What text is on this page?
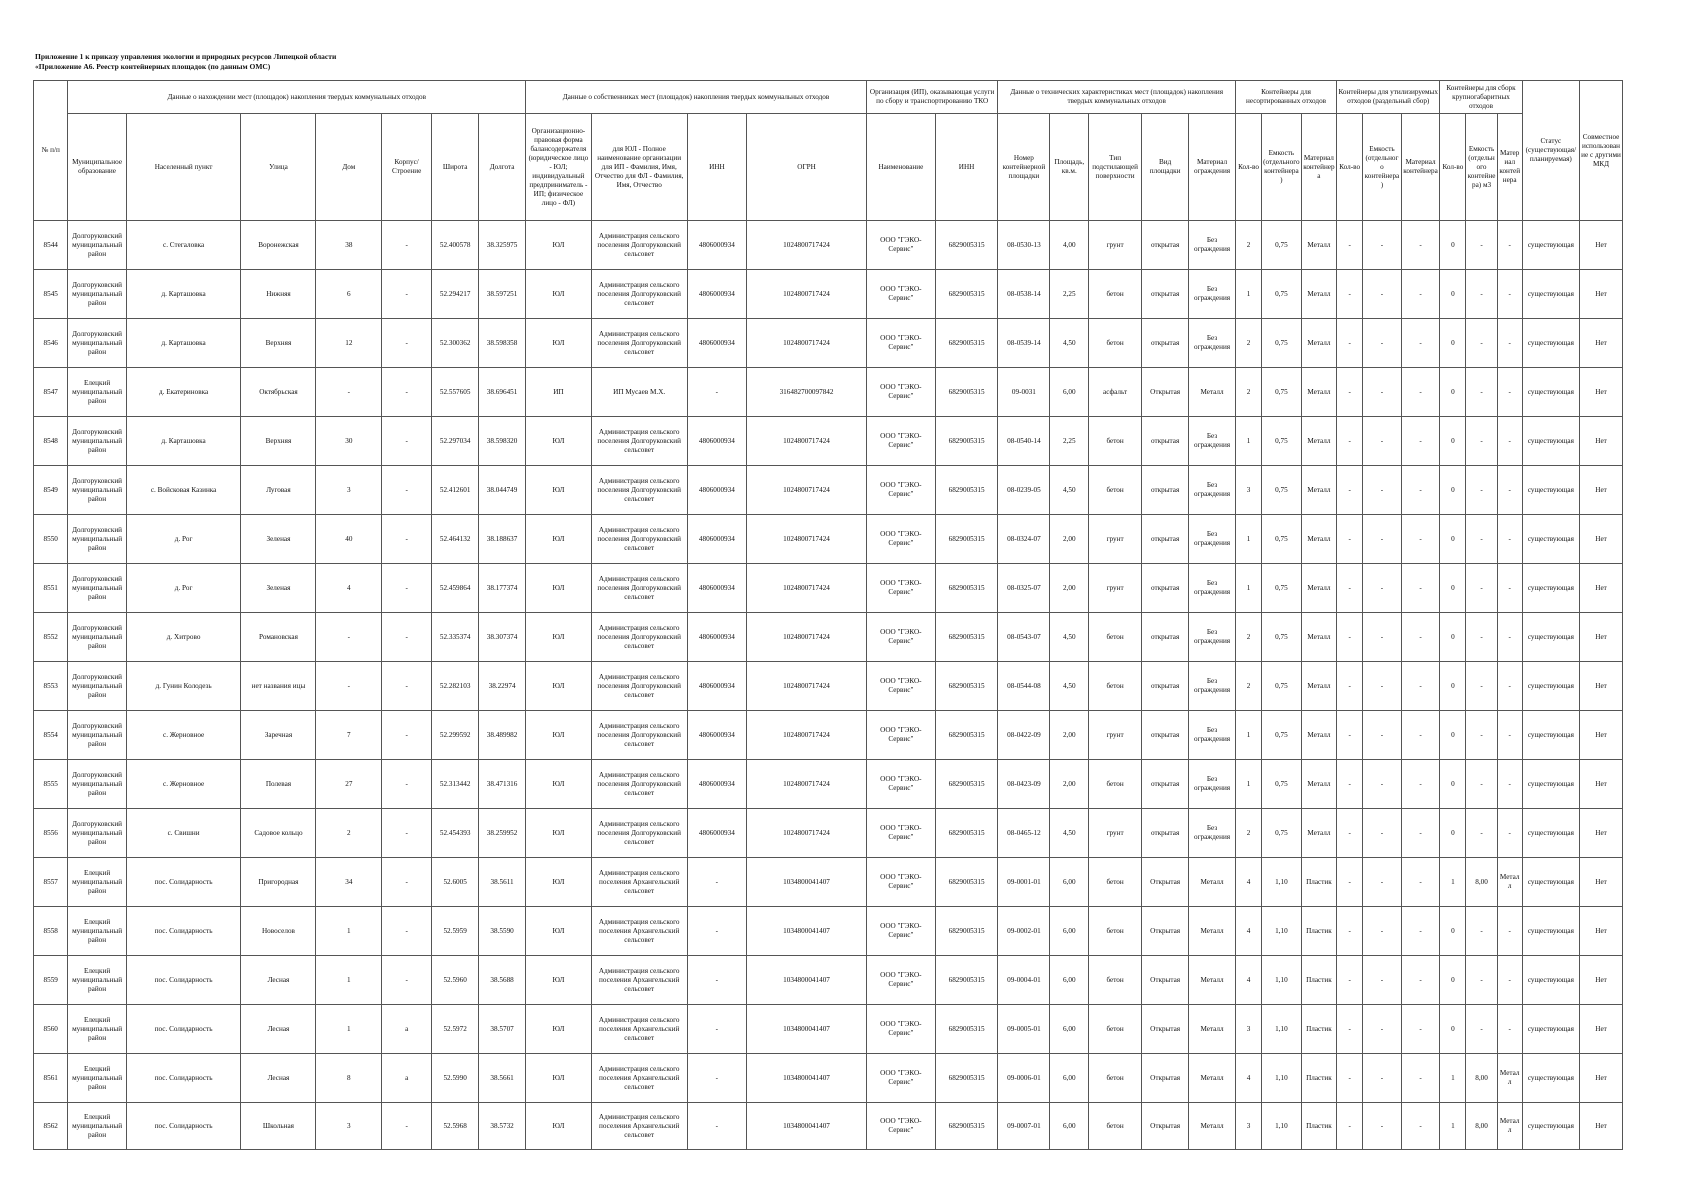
Приложение 1 к приказу управления экологии и природных ресурсов Липецкой области
«Приложение А6. Реестр контейнерных площадок (по данным ОМС)
№ п/п	Данные о нахождении мест (площадок) накопления твердых коммунальных отходов							Данные о собственниках мест (площадок) накопления твердых коммунальных отходов				Организация (ИП), оказывающая услуги по сбору и транспортированию ТКО		Данные о технических характеристиках мест (площадок) накопления твердых коммунальных отходов					Контейнеры для несортированных отходов			Контейнеры для утилизируемых отходов (раздельный сбор)			Контейнеры для сборк крупногабаритных отходов			Статус (существующая/ планируемая)	Совместное использование с другими МКД
	Муниципальное образование	Населенный пункт	Улица	Дом	Корпус/Строение	Широта	Долгота	Организационно-правовая форма балансодержателя (юридическое лицо - ЮЛ; индивидуальный предприниматель - ИП; физическое лицо - ФЛ)	для ЮЛ - Полное наименование организации для ИП - Фамилия, Имя, Отчество для ФЛ - Фамилия, Имя, Отчество	ИНН	ОГРН	Наименование	ИНН	Номер контейнерной площадки	Площадь, кв.м.	Тип подстилающей поверхности	Вид площадки	Материал ограждения	Кол-во	Емкость (отдельного контейнера)	Материал контейнера	Кол-во	Емкость (отдельного контейнера)	Материал контейнера	Кол-во	Емкость (отдельного контейнера) м3	Материал контейнера		
8544	Долгоруковский муниципальный район	с. Стегаловка	Воронежская	38	-	52.400578	38.325975	ЮЛ	Администрация сельского поселения Долгоруковский сельсовет	4806000934	1024800717424	ООО "ГЭКО-Сервис"	6829005315	08-0530-13	4,00	грунт	открытая	Без ограждения	2	0,75	Металл	-	-	-	0	-	-	существующая	Нет
8545	Долгоруковский муниципальный район	д. Карташовка	Нижняя	6	-	52.294217	38.597251	ЮЛ	Администрация сельского поселения Долгоруковский сельсовет	4806000934	1024800717424	ООО "ГЭКО-Сервис"	6829005315	08-0538-14	2,25	бетон	открытая	Без ограждения	1	0,75	Металл	-	-	-	0	-	-	существующая	Нет
8546	Долгоруковский муниципальный район	д. Карташовка	Верхняя	12	-	52.300362	38.598358	ЮЛ	Администрация сельского поселения Долгоруковский сельсовет	4806000934	1024800717424	ООО "ГЭКО-Сервис"	6829005315	08-0539-14	4,50	бетон	открытая	Без ограждения	2	0,75	Металл	-	-	-	0	-	-	существующая	Нет
8547	Елецкий муниципальный район	д. Екатериновка	Октябрьская	-	-	52.557605	38.696451	ИП	ИП Мусаев М.Х.	-	316482700097842	ООО "ГЭКО-Сервис"	6829005315	09-0031	6,00	асфальт	Открытая	Металл	2	0,75	Металл	-	-	-	0	-	-	существующая	Нет
8548	Долгоруковский муниципальный район	д. Карташовка	Верхняя	30	-	52.297034	38.598320	ЮЛ	Администрация сельского поселения Долгоруковский сельсовет	4806000934	1024800717424	ООО "ГЭКО-Сервис"	6829005315	08-0540-14	2,25	бетон	открытая	Без ограждения	1	0,75	Металл	-	-	-	0	-	-	существующая	Нет
8549	Долгоруковский муниципальный район	с. Войсковая Казинка	Луговая	3	-	52.412601	38.044749	ЮЛ	Администрация сельского поселения Долгоруковский сельсовет	4806000934	1024800717424	ООО "ГЭКО-Сервис"	6829005315	08-0239-05	4,50	бетон	открытая	Без ограждения	3	0,75	Металл	-	-	-	0	-	-	существующая	Нет
8550	Долгоруковский муниципальный район	д. Рог	Зеленая	40	-	52.464132	38.188637	ЮЛ	Администрация сельского поселения Долгоруковский сельсовет	4806000934	1024800717424	ООО "ГЭКО-Сервис"	6829005315	08-0324-07	2,00	грунт	открытая	Без ограждения	1	0,75	Металл	-	-	-	0	-	-	существующая	Нет
8551	Долгоруковский муниципальный район	д. Рог	Зеленая	4	-	52.459864	38.177374	ЮЛ	Администрация сельского поселения Долгоруковский сельсовет	4806000934	1024800717424	ООО "ГЭКО-Сервис"	6829005315	08-0325-07	2,00	грунт	открытая	Без ограждения	1	0,75	Металл	-	-	-	0	-	-	существующая	Нет
8552	Долгоруковский муниципальный район	д. Хитрово	Романовская	-	-	52.335374	38.307374	ЮЛ	Администрация сельского поселения Долгоруковский сельсовет	4806000934	1024800717424	ООО "ГЭКО-Сервис"	6829005315	08-0543-07	4,50	бетон	открытая	Без ограждения	2	0,75	Металл	-	-	-	0	-	-	существующая	Нет
8553	Долгоруковский муниципальный район	д. Гунин Колодезь	нет названия ицы	-	-	52.282103	38.22974	ЮЛ	Администрация сельского поселения Долгоруковский сельсовет	4806000934	1024800717424	ООО "ГЭКО-Сервис"	6829005315	08-0544-08	4,50	бетон	открытая	Без ограждения	2	0,75	Металл	-	-	-	0	-	-	существующая	Нет
8554	Долгоруковский муниципальный район	с. Жерновное	Заречная	7	-	52.299592	38.489982	ЮЛ	Администрация сельского поселения Долгоруковский сельсовет	4806000934	1024800717424	ООО "ГЭКО-Сервис"	6829005315	08-0422-09	2,00	грунт	открытая	Без ограждения	1	0,75	Металл	-	-	-	0	-	-	существующая	Нет
8555	Долгоруковский муниципальный район	с. Жерновное	Полевая	27	-	52.313442	38.471316	ЮЛ	Администрация сельского поселения Долгоруковский сельсовет	4806000934	1024800717424	ООО "ГЭКО-Сервис"	6829005315	08-0423-09	2,00	бетон	открытая	Без ограждения	1	0,75	Металл	-	-	-	0	-	-	существующая	Нет
8556	Долгоруковский муниципальный район	с. Свишни	Садовое кольцо	2	-	52.454393	38.259952	ЮЛ	Администрация сельского поселения Долгоруковский сельсовет	4806000934	1024800717424	ООО "ГЭКО-Сервис"	6829005315	08-0465-12	4,50	грунт	открытая	Без ограждения	2	0,75	Металл	-	-	-	0	-	-	существующая	Нет
8557	Елецкий муниципальный район	пос. Солидарность	Пригородная	34	-	52.6005	38.5611	ЮЛ	Администрация сельского поселения Архангельский сельсовет	-	1034800041407	ООО "ГЭКО-Сервис"	6829005315	09-0001-01	6,00	бетон	Открытая	Металл	4	1,10	Пластик	-	-	-	1	8,00	Металл	существующая	Нет
8558	Елецкий муниципальный район	пос. Солидарность	Новоселов	1	-	52.5959	38.5590	ЮЛ	Администрация сельского поселения Архангельский сельсовет	-	1034800041407	ООО "ГЭКО-Сервис"	6829005315	09-0002-01	6,00	бетон	Открытая	Металл	4	1,10	Пластик	-	-	-	0	-	-	существующая	Нет
8559	Елецкий муниципальный район	пос. Солидарность	Лесная	1	-	52.5960	38.5688	ЮЛ	Администрация сельского поселения Архангельский сельсовет	-	1034800041407	ООО "ГЭКО-Сервис"	6829005315	09-0004-01	6,00	бетон	Открытая	Металл	4	1,10	Пластик	-	-	-	0	-	-	существующая	Нет
8560	Елецкий муниципальный район	пос. Солидарность	Лесная	1	а	52.5972	38.5707	ЮЛ	Администрация сельского поселения Архангельский сельсовет	-	1034800041407	ООО "ГЭКО-Сервис"	6829005315	09-0005-01	6,00	бетон	Открытая	Металл	3	1,10	Пластик	-	-	-	0	-	-	существующая	Нет
8561	Елецкий муниципальный район	пос. Солидарность	Лесная	8	а	52.5990	38.5661	ЮЛ	Администрация сельского поселения Архангельский сельсовет	-	1034800041407	ООО "ГЭКО-Сервис"	6829005315	09-0006-01	6,00	бетон	Открытая	Металл	4	1,10	Пластик	-	-	-	1	8,00	Металл	существующая	Нет
8562	Елецкий муниципальный район	пос. Солидарность	Школьная	3	-	52.5968	38.5732	ЮЛ	Администрация сельского поселения Архангельский сельсовет	-	1034800041407	ООО "ГЭКО-Сервис"	6829005315	09-0007-01	6,00	бетон	Открытая	Металл	3	1,10	Пластик	-	-	-	1	8,00	Металл	существующая	Нет
